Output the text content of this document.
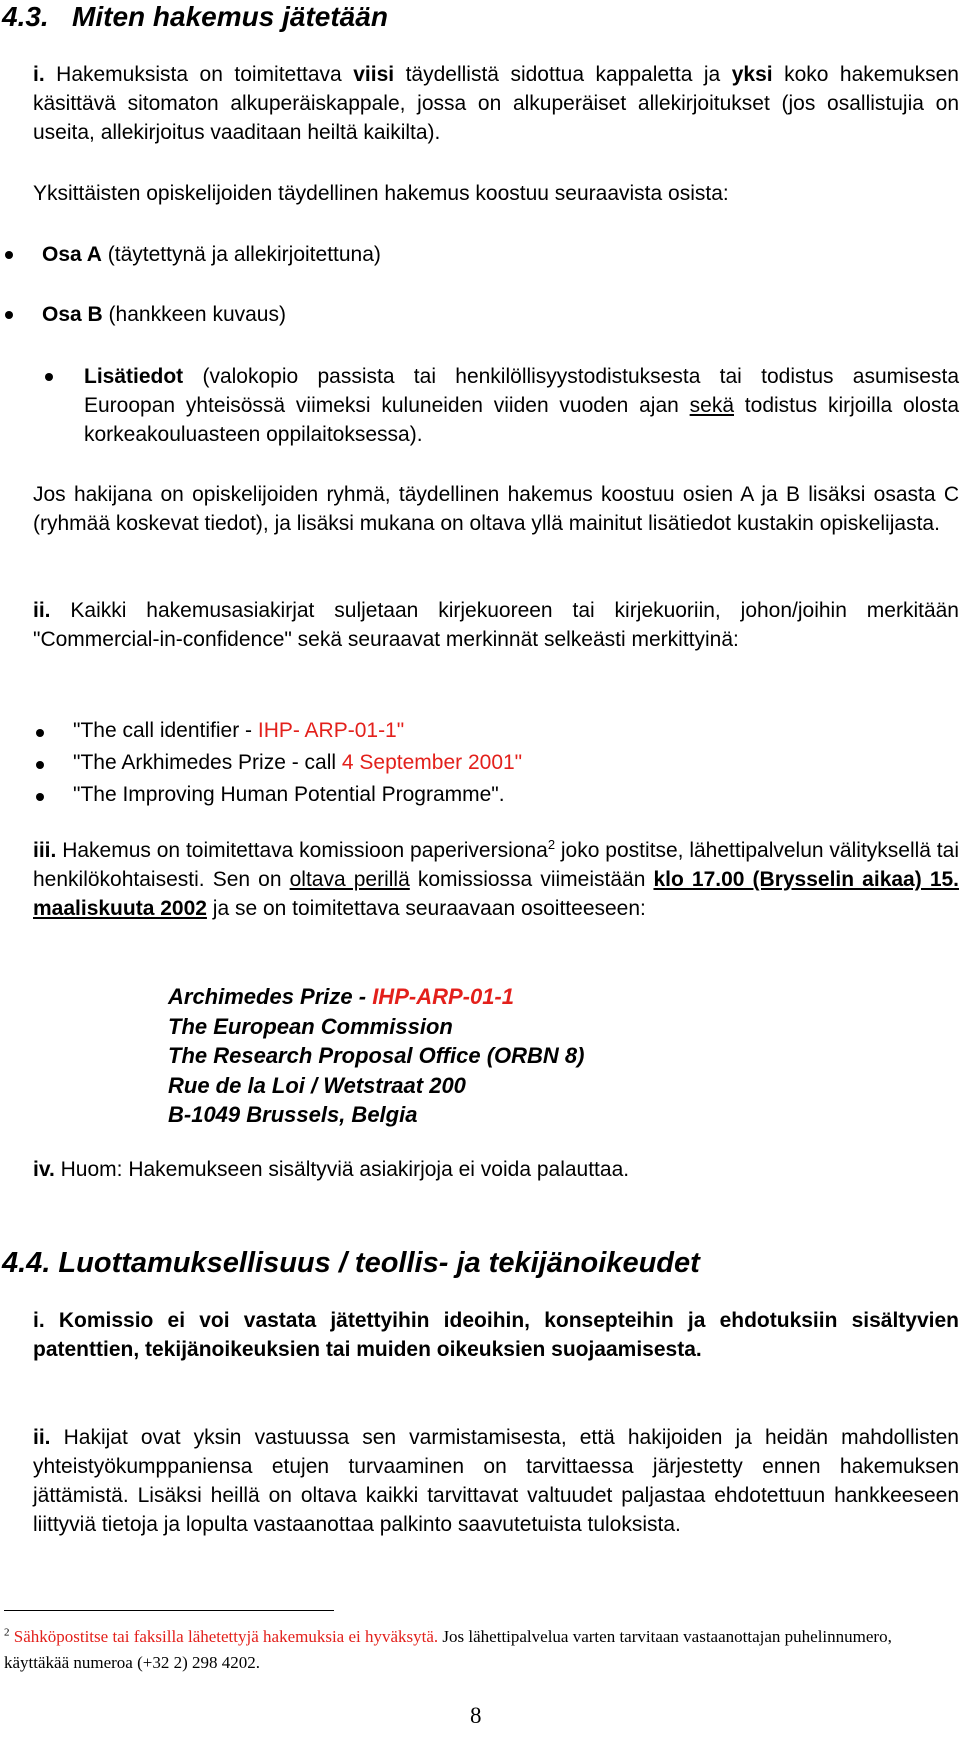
4.3.   Miten hakemus jätetään

i. Hakemuksista on toimitettava viisi täydellistä sidottua kappaletta ja yksi koko hakemuksen käsittävä sitomaton alkuperäiskappale, jossa on alkuperäiset allekirjoitukset (jos osallistujia on useita, allekirjoitus vaaditaan heiltä kaikilta).

Yksittäisten opiskelijoiden täydellinen hakemus koostuu seuraavista osista:

Osa A (täytettynä ja allekirjoitettuna)

Osa B (hankkeen kuvaus)

Lisätiedot (valokopio passista tai henkilöllisyystodistuksesta tai todistus asumisesta Euroopan yhteisössä viimeksi kuluneiden viiden vuoden ajan sekä todistus kirjoilla olosta korkeakouluasteen oppilaitoksessa).

Jos hakijana on opiskelijoiden ryhmä, täydellinen hakemus koostuu osien A ja B lisäksi osasta C (ryhmää koskevat tiedot), ja lisäksi mukana on oltava yllä mainitut lisätiedot kustakin opiskelijasta.

ii. Kaikki hakemusasiakirjat suljetaan kirjekuoreen tai kirjekuoriin, johon/joihin merkitään "Commercial-in-confidence" sekä seuraavat merkinnät selkeästi merkittyinä:

"The call identifier - IHP- ARP-01-1"

"The Arkhimedes Prize - call 4 September 2001"

"The Improving Human Potential Programme".

iii. Hakemus on toimitettava komissioon paperiversiona$^2$ joko postitse, lähettipalvelun välityksellä tai henkilökohtaisesti. Sen on oltava perillä komissiossa viimeistään klo 17.00 (Brysselin aikaa) 15. maaliskuuta 2002 ja se on toimitettava seuraavaan osoitteeseen:

Archimedes Prize - IHP-ARP-01-1
The European Commission
The Research Proposal Office (ORBN 8)
Rue de la Loi / Wetstraat 200
B-1049 Brussels, Belgia

iv. Huom: Hakemukseen sisältyviä asiakirjoja ei voida palauttaa.

4.4. Luottamuksellisuus / teollis- ja tekijänoikeudet

i. Komissio ei voi vastata jätettyihin ideoihin, konsepteihin ja ehdotuksiin sisältyvien patenttien, tekijänoikeuksien tai muiden oikeuksien suojaamisesta.

ii. Hakijat ovat yksin vastuussa sen varmistamisesta, että hakijoiden ja heidän mahdollisten yhteistyökumppaniensa etujen turvaaminen on tarvittaessa järjestetty ennen hakemuksen jättämistä. Lisäksi heillä on oltava kaikki tarvittavat valtuudet paljastaa ehdotettuun hankkeeseen liittyviä tietoja ja lopulta vastaanottaa palkinto saavutetuista tuloksista.

$^2$ Sähköpostitse tai faksilla lähetettyjä hakemuksia ei hyväksytä. Jos lähettipalvelua varten tarvitaan vastaanottajan puhelinnumero, käyttäkää numeroa (+32 2) 298 4202.

8
